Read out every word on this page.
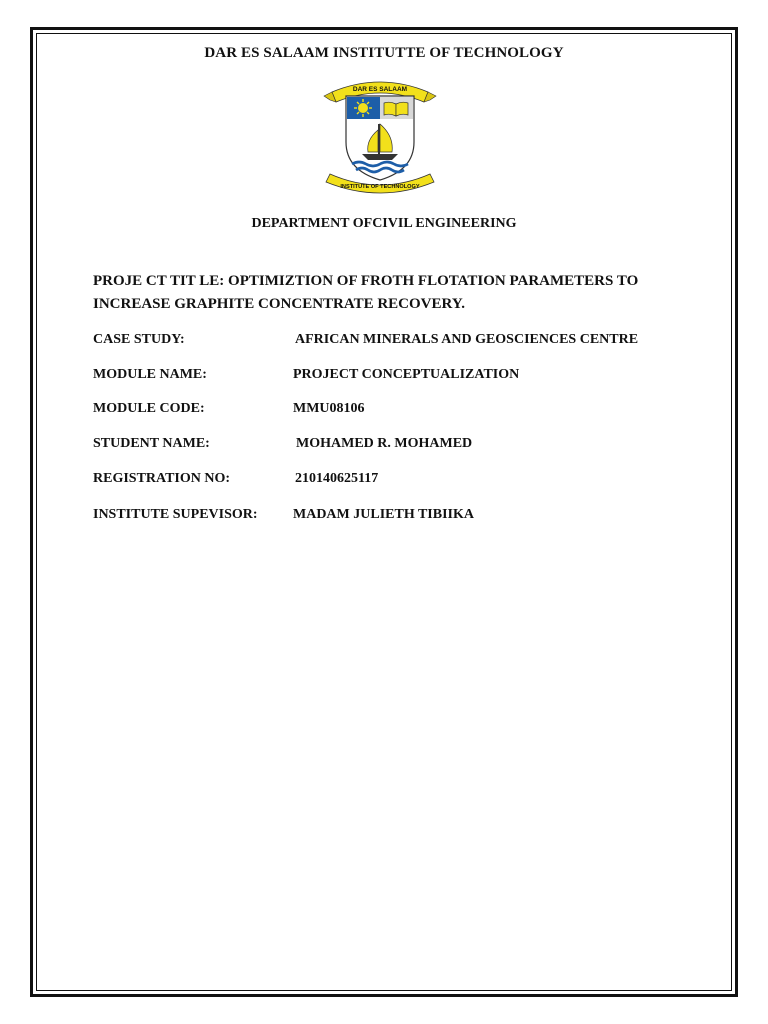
DAR ES SALAAM INSTITUTTE OF TECHNOLOGY
DAR ES SALAAM
INSTITUTE OF TECHNOLOGY
DEPARTMENT OFCIVIL ENGINEERING
PROJE CT TIT LE: OPTIMIZTION OF FROTH FLOTATION PARAMETERS TO
INCREASE GRAPHITE CONCENTRATE RECOVERY.
CASE STUDY:	AFRICAN MINERALS AND GEOSCIENCES CENTRE
MODULE NAME:	PROJECT CONCEPTUALIZATION
MODULE CODE:	MMU08106
STUDENT NAME:	MOHAMED R. MOHAMED
REGISTRATION NO:	210140625117
INSTITUTE SUPEVISOR:	MADAM JULIETH TIBIIKA
